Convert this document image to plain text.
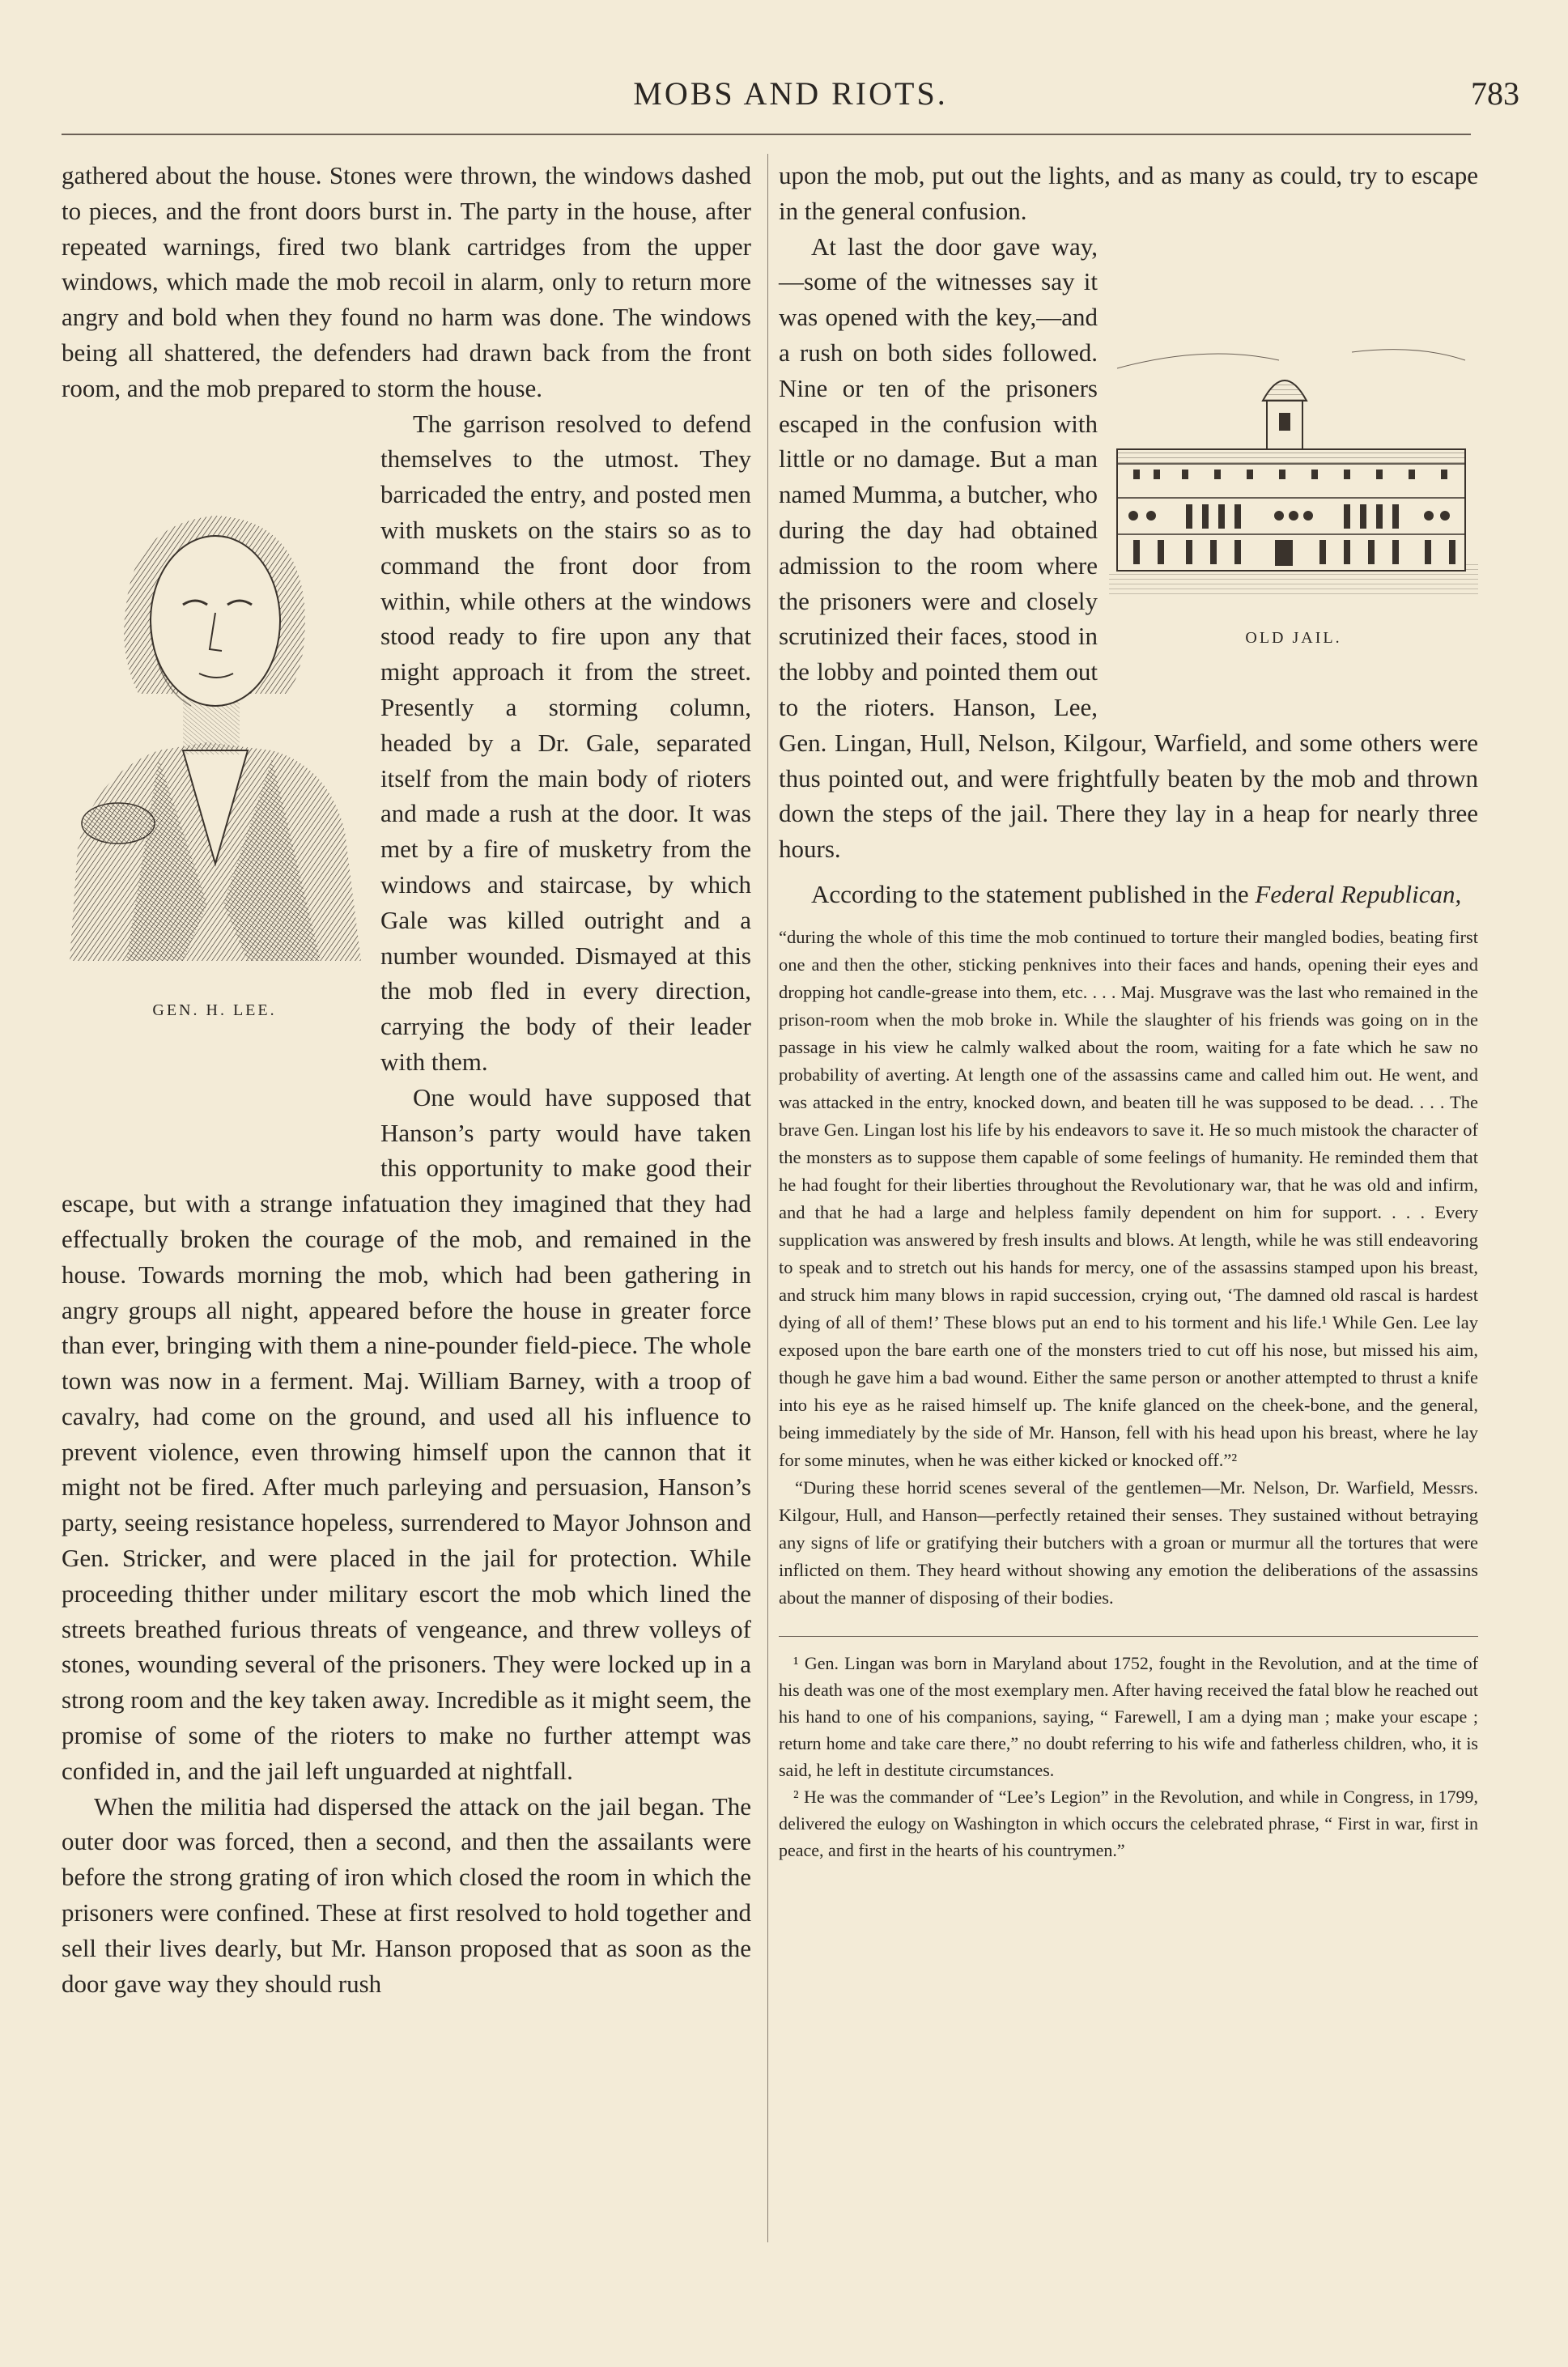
MOBS AND RIOTS.	783

gathered about the house. Stones were thrown, the windows dashed to pieces, and the front doors burst in. The party in the house, after repeated warnings, fired two blank cartridges from the upper windows, which made the mob recoil in alarm, only to return more angry and bold when they found no harm was done. The windows being all shattered, the defenders had drawn back from the front room, and the mob prepared to storm the house.

GEN. H. LEE.

The garrison resolved to defend themselves to the utmost. They barricaded the entry, and posted men with muskets on the stairs so as to command the front door from within, while others at the windows stood ready to fire upon any that might approach it from the street. Presently a storming column, headed by a Dr. Gale, separated itself from the main body of rioters and made a rush at the door. It was met by a fire of musketry from the windows and staircase, by which Gale was killed outright and a number wounded. Dismayed at this the mob fled in every direction, carrying the body of their leader with them.

One would have supposed that Hanson’s party would have taken this opportunity to make good their escape, but with a strange infatuation they imagined that they had effectually broken the courage of the mob, and remained in the house. Towards morning the mob, which had been gathering in angry groups all night, appeared before the house in greater force than ever, bringing with them a nine-pounder field-piece. The whole town was now in a ferment. Maj. William Barney, with a troop of cavalry, had come on the ground, and used all his influence to prevent violence, even throwing himself upon the cannon that it might not be fired. After much parleying and persuasion, Hanson’s party, seeing resistance hopeless, surrendered to Mayor Johnson and Gen. Stricker, and were placed in the jail for protection. While proceeding thither under military escort the mob which lined the streets breathed furious threats of vengeance, and threw volleys of stones, wounding several of the prisoners. They were locked up in a strong room and the key taken away. Incredible as it might seem, the promise of some of the rioters to make no further attempt was confided in, and the jail left unguarded at nightfall.

When the militia had dispersed the attack on the jail began. The outer door was forced, then a second, and then the assailants were before the strong grating of iron which closed the room in which the prisoners were confined. These at first resolved to hold together and sell their lives dearly, but Mr. Hanson proposed that as soon as the door gave way they should rush

upon the mob, put out the lights, and as many as could, try to escape in the general confusion.

OLD JAIL.

At last the door gave way,—some of the witnesses say it was opened with the key,—and a rush on both sides followed. Nine or ten of the prisoners escaped in the confusion with little or no damage. But a man named Mumma, a butcher, who during the day had obtained admission to the room where the prisoners were and closely scrutinized their faces, stood in the lobby and pointed them out to the rioters. Hanson, Lee, Gen. Lingan, Hull, Nelson, Kilgour, Warfield, and some others were thus pointed out, and were frightfully beaten by the mob and thrown down the steps of the jail. There they lay in a heap for nearly three hours.

According to the statement published in the Federal Republican,

“during the whole of this time the mob continued to torture their mangled bodies, beating first one and then the other, sticking penknives into their faces and hands, opening their eyes and dropping hot candle-grease into them, etc. . . . Maj. Musgrave was the last who remained in the prison-room when the mob broke in. While the slaughter of his friends was going on in the passage in his view he calmly walked about the room, waiting for a fate which he saw no probability of averting. At length one of the assassins came and called him out. He went, and was attacked in the entry, knocked down, and beaten till he was supposed to be dead. . . . The brave Gen. Lingan lost his life by his endeavors to save it. He so much mistook the character of the monsters as to suppose them capable of some feelings of humanity. He reminded them that he had fought for their liberties throughout the Revolutionary war, that he was old and infirm, and that he had a large and helpless family dependent on him for support. . . . Every supplication was answered by fresh insults and blows. At length, while he was still endeavoring to speak and to stretch out his hands for mercy, one of the assassins stamped upon his breast, and struck him many blows in rapid succession, crying out, ‘The damned old rascal is hardest dying of all of them!’ These blows put an end to his torment and his life.¹ While Gen. Lee lay exposed upon the bare earth one of the monsters tried to cut off his nose, but missed his aim, though he gave him a bad wound. Either the same person or another attempted to thrust a knife into his eye as he raised himself up. The knife glanced on the cheek-bone, and the general, being immediately by the side of Mr. Hanson, fell with his head upon his breast, where he lay for some minutes, when he was either kicked or knocked off.”²

“During these horrid scenes several of the gentlemen—Mr. Nelson, Dr. Warfield, Messrs. Kilgour, Hull, and Hanson—perfectly retained their senses. They sustained without betraying any signs of life or gratifying their butchers with a groan or murmur all the tortures that were inflicted on them. They heard without showing any emotion the deliberations of the assassins about the manner of disposing of their bodies.

¹ Gen. Lingan was born in Maryland about 1752, fought in the Revolution, and at the time of his death was one of the most exemplary men. After having received the fatal blow he reached out his hand to one of his companions, saying, “ Farewell, I am a dying man ; make your escape ; return home and take care there,” no doubt referring to his wife and fatherless children, who, it is said, he left in destitute circumstances.

² He was the commander of “Lee’s Legion” in the Revolution, and while in Congress, in 1799, delivered the eulogy on Washington in which occurs the celebrated phrase, “ First in war, first in peace, and first in the hearts of his countrymen.”
